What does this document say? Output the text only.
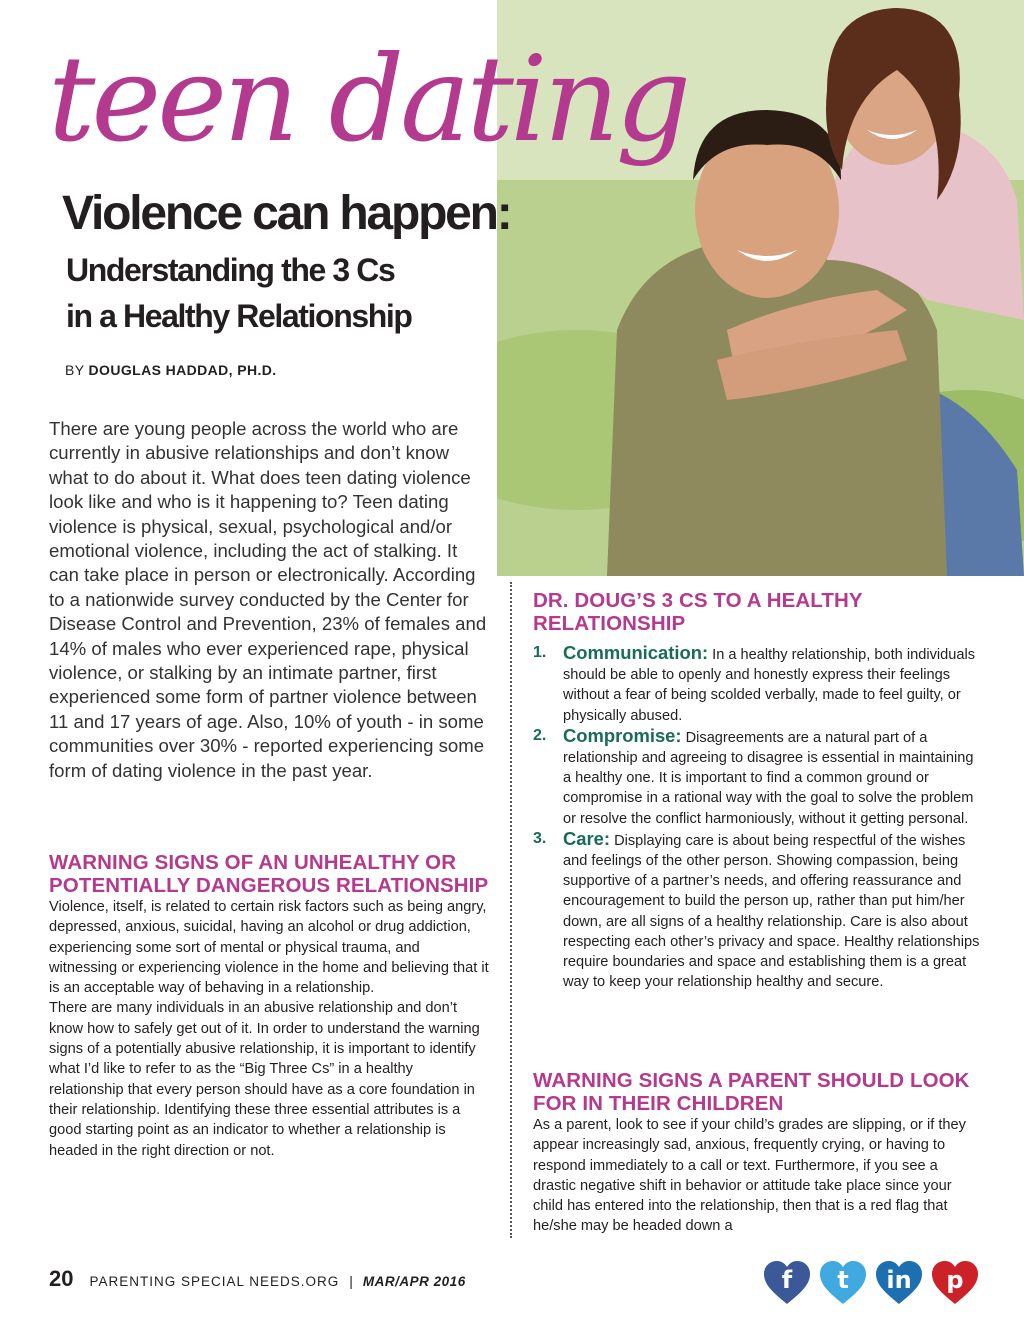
teen dating
Violence can happen:
Understanding the 3 Cs
in a Healthy Relationship
BY DOUGLAS HADDAD, PH.D.
There are young people across the world who are currently in abusive relationships and don’t know what to do about it. What does teen dating violence look like and who is it happening to? Teen dating violence is physical, sexual, psychological and/or emotional violence, including the act of stalking. It can take place in person or electronically. According to a nationwide survey conducted by the Center for Disease Control and Prevention, 23% of females and 14% of males who ever experienced rape, physical violence, or stalking by an intimate partner, first experienced some form of partner violence between 11 and 17 years of age. Also, 10% of youth - in some communities over 30% - reported experiencing some form of dating violence in the past year.
WARNING SIGNS OF AN UNHEALTHY OR POTENTIALLY DANGEROUS RELATIONSHIP

Violence, itself, is related to certain risk factors such as being angry, depressed, anxious, suicidal, having an alcohol or drug addiction, experiencing some sort of mental or physical trauma, and witnessing or experiencing violence in the home and believing that it is an acceptable way of behaving in a relationship.

There are many individuals in an abusive relationship and don’t know how to safely get out of it. In order to understand the warning signs of a potentially abusive relationship, it is important to identify what I’d like to refer to as the “Big Three Cs” in a healthy relationship that every person should have as a core foundation in their relationship. Identifying these three essential attributes is a good starting point as an indicator to whether a relationship is headed in the right direction or not.

DR. DOUG’S 3 CS TO A HEALTHY RELATIONSHIP
1. Communication: In a healthy relationship, both individuals should be able to openly and honestly express their feelings without a fear of being scolded verbally, made to feel guilty, or physically abused.
2. Compromise: Disagreements are a natural part of a relationship and agreeing to disagree is essential in maintaining a healthy one. It is important to find a common ground or compromise in a rational way with the goal to solve the problem or resolve the conflict harmoniously, without it getting personal.
3. Care: Displaying care is about being respectful of the wishes and feelings of the other person. Showing compassion, being supportive of a partner’s needs, and offering reassurance and encouragement to build the person up, rather than put him/her down, are all signs of a healthy relationship. Care is also about respecting each other’s privacy and space. Healthy relationships require boundaries and space and establishing them is a great way to keep your relationship healthy and secure.
WARNING SIGNS A PARENT SHOULD LOOK FOR IN THEIR CHILDREN
As a parent, look to see if your child’s grades are slipping, or if they appear increasingly sad, anxious, frequently crying, or having to respond immediately to a call or text. Furthermore, if you see a drastic negative shift in behavior or attitude take place since your child has entered into the relationship, then that is a red flag that he/she may be headed down a
20 PARENTING SPECIAL NEEDS.ORG | MAR/APR 2016	f	t	in	p
